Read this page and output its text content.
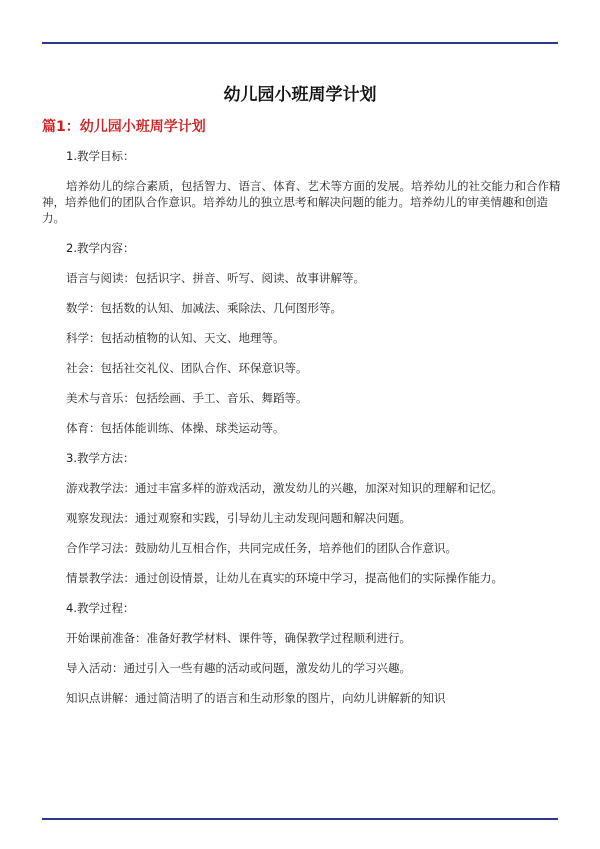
幼儿园小班周学计划
篇1：幼儿园小班周学计划

1.教学目标：

培养幼儿的综合素质，包括智力、语言、体育、艺术等方面的发展。培养幼儿的社交能力和合作精神，培养他们的团队合作意识。培养幼儿的独立思考和解决问题的能力。培养幼儿的审美情趣和创造力。

2.教学内容：

语言与阅读：包括识字、拼音、听写、阅读、故事讲解等。

数学：包括数的认知、加减法、乘除法、几何图形等。

科学：包括动植物的认知、天文、地理等。

社会：包括社交礼仪、团队合作、环保意识等。

美术与音乐：包括绘画、手工、音乐、舞蹈等。

体育：包括体能训练、体操、球类运动等。

3.教学方法：

游戏教学法：通过丰富多样的游戏活动，激发幼儿的兴趣，加深对知识的理解和记忆。

观察发现法：通过观察和实践，引导幼儿主动发现问题和解决问题。

合作学习法：鼓励幼儿互相合作，共同完成任务，培养他们的团队合作意识。

情景教学法：通过创设情景，让幼儿在真实的环境中学习，提高他们的实际操作能力。

4.教学过程：

开始课前准备：准备好教学材料、课件等，确保教学过程顺利进行。

导入活动：通过引入一些有趣的活动或问题，激发幼儿的学习兴趣。

知识点讲解：通过简洁明了的语言和生动形象的图片，向幼儿讲解新的知识
